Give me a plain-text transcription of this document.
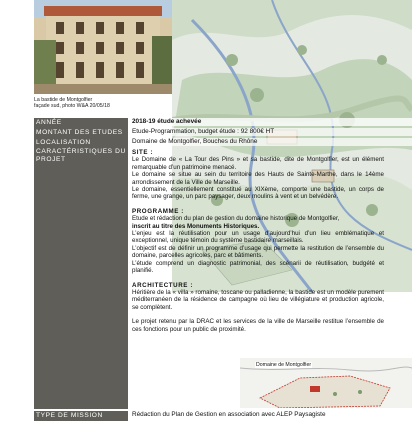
La bastide de Montgolfier
façade sud, photo W&A 20/05/18
ANNÉE	2018-19 étude achevée
MONTANT DES ETUDES	Etude-Programmation, budget étude : 92 800€ HT
LOCALISATION	Domaine de Montgolfier, Bouches du Rhône
CARACTÉRISTIQUES DU PROJET

SITE :

Le Domaine de « La Tour des Pins » et sa bastide, dite de Montgolfier, est un élément remarquable d’un patrimoine menacé.

Le domaine se situe au sein du territoire des Hauts de Sainte-Marthe, dans le 14ème arrondissement de la Ville de Marseille.

Le domaine, essentiellement constitué au XIXème, comporte une bastide, un corps de ferme, une grange, un parc paysager, deux moulins à vent et un belvédère.

PROGRAMME :

Etude et rédaction du plan de gestion du domaine historique de Montgolfier,

inscrit au titre des Monuments Historiques.

L’enjeu est la réutilisation pour un usage d’aujourd’hui d’un lieu emblématique et exceptionnel, unique témoin du système bastidaire marseillais.

L’objectif est de définir un programme d’usage qui permette la restitution de l’ensemble du domaine, parcelles agricoles, parc et bâtiments.

L’étude comprend un diagnostic patrimonial, des scénarii de réutilisation, budgété et planifié.

ARCHITECTURE :

Héritière de la « villa » romaine, toscane ou palladienne, la bastide est un modèle purement méditerranéen de la résidence de campagne où lieu de villégiature et production agricole, se complètent.

Le projet retenu par la DRAC et les services de la ville de Marseille restitue l’ensemble de ces fonctions pour un public de proximité.

Domaine de Montgolfier
TYPE DE MISSION	Rédaction du Plan de Gestion en association avec ALEP Paysagiste
